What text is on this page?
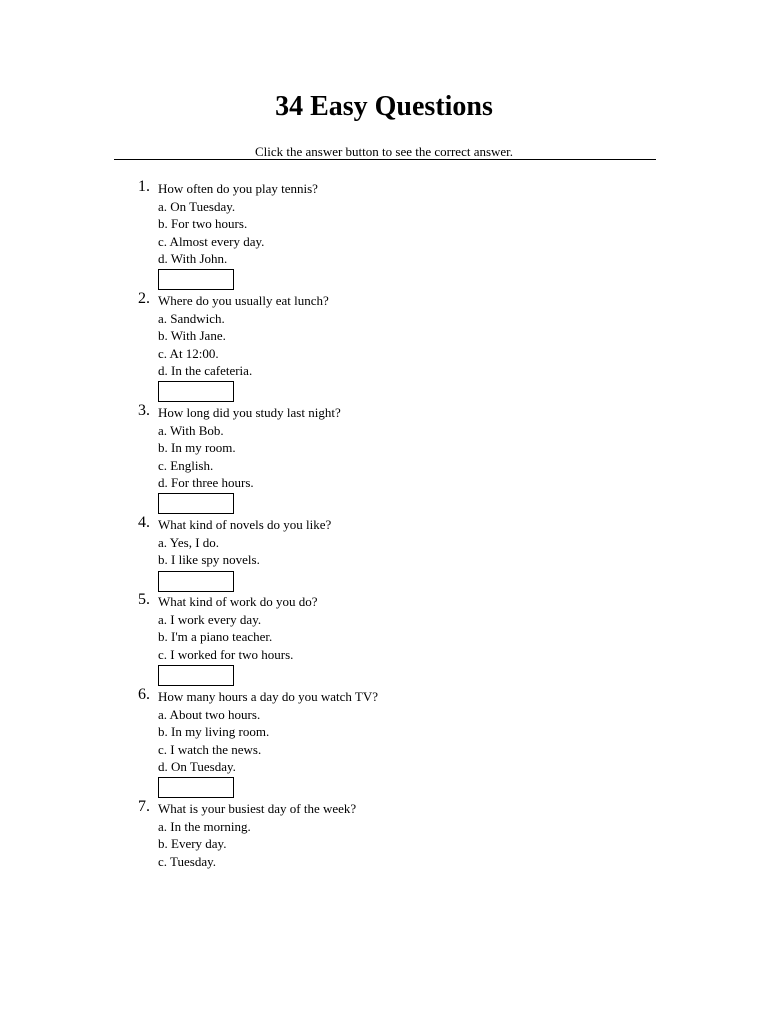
34 Easy Questions
Click the answer button to see the correct answer.
1. How often do you play tennis?
a. On Tuesday.
b. For two hours.
c. Almost every day.
d. With John.
2. Where do you usually eat lunch?
a. Sandwich.
b. With Jane.
c. At 12:00.
d. In the cafeteria.
3. How long did you study last night?
a. With Bob.
b. In my room.
c. English.
d. For three hours.
4. What kind of novels do you like?
a. Yes, I do.
b. I like spy novels.
5. What kind of work do you do?
a. I work every day.
b. I'm a piano teacher.
c. I worked for two hours.
6. How many hours a day do you watch TV?
a. About two hours.
b. In my living room.
c. I watch the news.
d. On Tuesday.
7. What is your busiest day of the week?
a. In the morning.
b. Every day.
c. Tuesday.
